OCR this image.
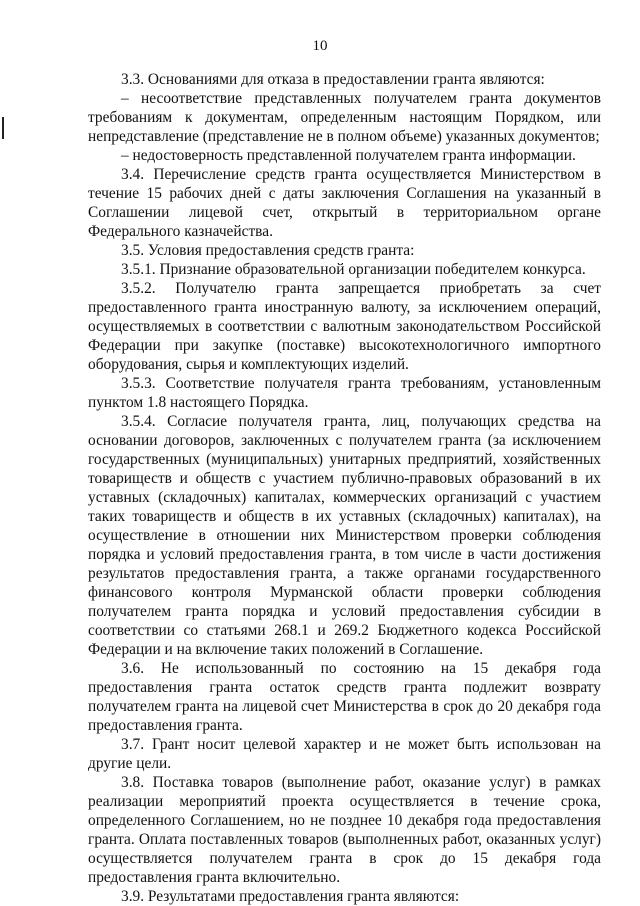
10

3.3. Основаниями для отказа в предоставлении гранта являются:

– несоответствие представленных получателем гранта документов требованиям к документам, определенным настоящим Порядком, или непредставление (представление не в полном объеме) указанных документов;

– недостоверность представленной получателем гранта информации.

3.4. Перечисление средств гранта осуществляется Министерством в течение 15 рабочих дней с даты заключения Соглашения на указанный в Соглашении лицевой счет, открытый в территориальном органе Федерального казначейства.

3.5. Условия предоставления средств гранта:

3.5.1. Признание образовательной организации победителем конкурса.

3.5.2. Получателю гранта запрещается приобретать за счет предоставленного гранта иностранную валюту, за исключением операций, осуществляемых в соответствии с валютным законодательством Российской Федерации при закупке (поставке) высокотехнологичного импортного оборудования, сырья и комплектующих изделий.

3.5.3. Соответствие получателя гранта требованиям, установленным пунктом 1.8 настоящего Порядка.

3.5.4. Согласие получателя гранта, лиц, получающих средства на основании договоров, заключенных с получателем гранта (за исключением государственных (муниципальных) унитарных предприятий, хозяйственных товариществ и обществ с участием публично-правовых образований в их уставных (складочных) капиталах, коммерческих организаций с участием таких товариществ и обществ в их уставных (складочных) капиталах), на осуществление в отношении них Министерством проверки соблюдения порядка и условий предоставления гранта, в том числе в части достижения результатов предоставления гранта, а также органами государственного финансового контроля Мурманской области проверки соблюдения получателем гранта порядка и условий предоставления субсидии в соответствии со статьями 268.1 и 269.2 Бюджетного кодекса Российской Федерации и на включение таких положений в Соглашение.

3.6. Не использованный по состоянию на 15 декабря года предоставления гранта остаток средств гранта подлежит возврату получателем гранта на лицевой счет Министерства в срок до 20 декабря года предоставления гранта.

3.7. Грант носит целевой характер и не может быть использован на другие цели.

3.8. Поставка товаров (выполнение работ, оказание услуг) в рамках реализации мероприятий проекта осуществляется в течение срока, определенного Соглашением, но не позднее 10 декабря года предоставления гранта. Оплата поставленных товаров (выполненных работ, оказанных услуг) осуществляется получателем гранта в срок до 15 декабря года предоставления гранта включительно.

3.9. Результатами предоставления гранта являются:
